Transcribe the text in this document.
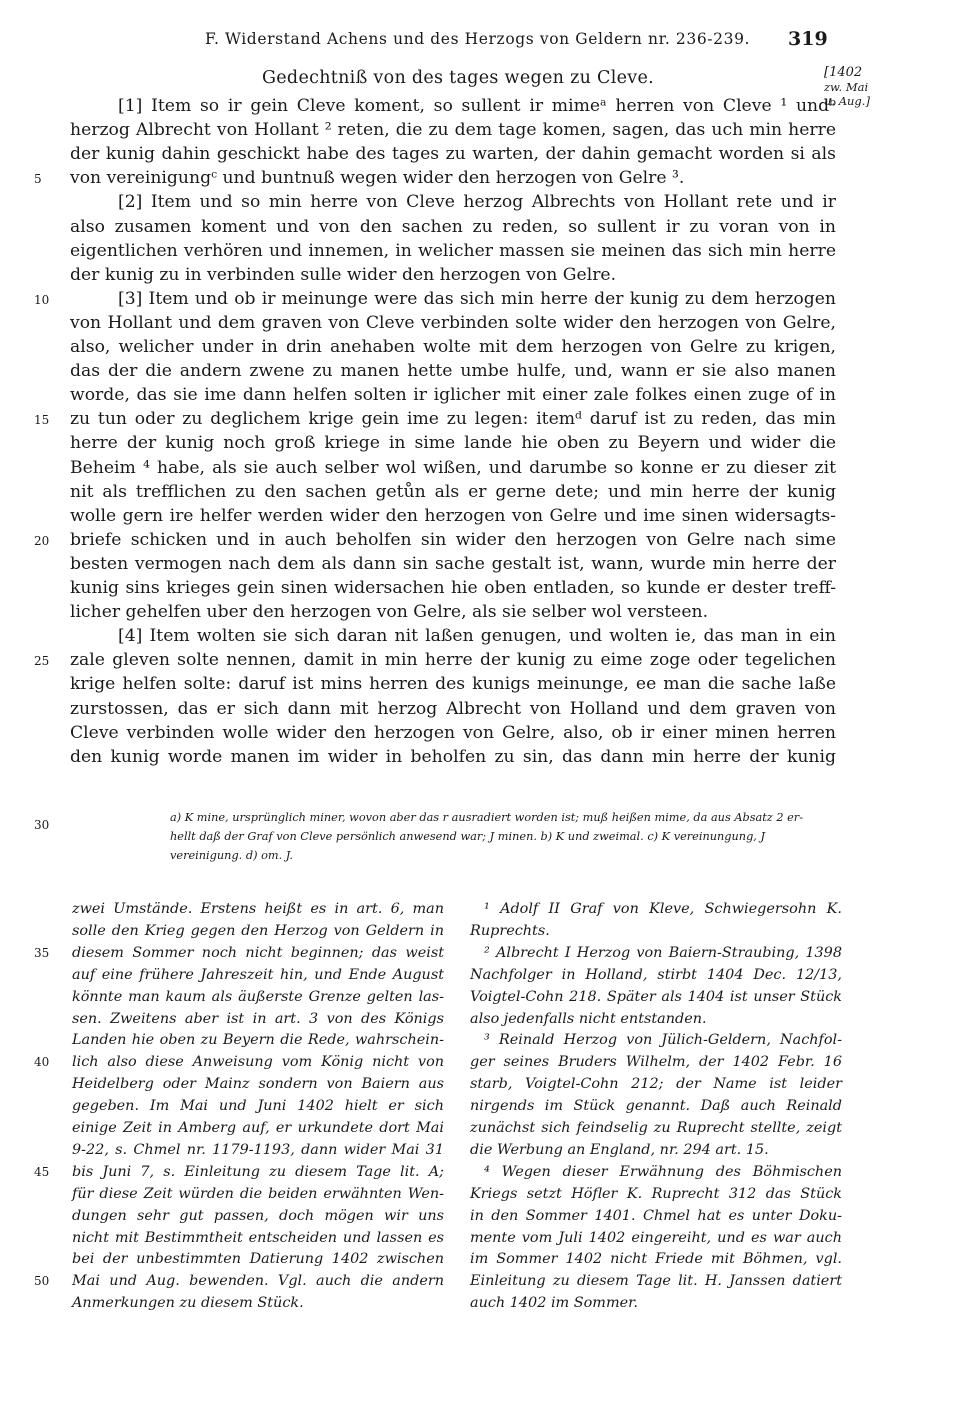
F. Widerstand Achens und des Herzogs von Geldern nr. 236-239. 319
Gedechtniß von des tages wegen zu Cleve.	[1402
zw. Mai
u. Aug.]
[1] Item so ir gein Cleve koment, so sullent ir mimeᵃ herren von Cleve ¹ undᵇ
herzog Albrecht von Hollant ² reten, die zu dem tage komen, sagen, das uch min herre
der kunig dahin geschickt habe des tages zu warten, der dahin gemacht worden si als
von vereinigungᶜ und buntnuß wegen wider den herzogen von Gelre ³.
[2] Item und so min herre von Cleve herzog Albrechts von Hollant rete und ir
also zusamen koment und von den sachen zu reden, so sullent ir zu voran von in
eigentlichen verhören und innemen, in welicher massen sie meinen das sich min herre
der kunig zu in verbinden sulle wider den herzogen von Gelre.
[3] Item und ob ir meinunge were das sich min herre der kunig zu dem herzogen
von Hollant und dem graven von Cleve verbinden solte wider den herzogen von Gelre,
also, welicher under in drin anehaben wolte mit dem herzogen von Gelre zu krigen,
das der die andern zwene zu manen hette umbe hulfe, und, wann er sie also manen
worde, das sie ime dann helfen solten ir iglicher mit einer zale folkes einen zuge of in
zu tun oder zu deglichem krige gein ime zu legen: itemᵈ daruf ist zu reden, das min
herre der kunig noch groß kriege in sime lande hie oben zu Beyern und wider die
Beheim ⁴ habe, als sie auch selber wol wißen, und darumbe so konne er zu dieser zit
nit als trefflichen zu den sachen getůn als er gerne dete; und min herre der kunig
wolle gern ire helfer werden wider den herzogen von Gelre und ime sinen widersagts-
briefe schicken und in auch beholfen sin wider den herzogen von Gelre nach sime
besten vermogen nach dem als dann sin sache gestalt ist, wann, wurde min herre der
kunig sins krieges gein sinen widersachen hie oben entladen, so kunde er dester treff-
licher gehelfen uber den herzogen von Gelre, als sie selber wol versteen.
[4] Item wolten sie sich daran nit laßen genugen, und wolten ie, das man in ein
zale gleven solte nennen, damit in min herre der kunig zu eime zoge oder tegelichen
krige helfen solte: daruf ist mins herren des kunigs meinunge, ee man die sache laße
zurstossen, das er sich dann mit herzog Albrecht von Holland und dem graven von
Cleve verbinden wolle wider den herzogen von Gelre, also, ob ir einer minen herren
den kunig worde manen im wider in beholfen zu sin, das dann min herre der kunig
5
10
15
20
25
30
a) K mine, ursprünglich miner, wovon aber das r ausradiert worden ist; muß heißen mime, da aus Absatz 2 er-
hellt daß der Graf von Cleve persönlich anwesend war; J minen. b) K und zweimal. c) K vereinungung, J
vereinigung. d) om. J.
zwei Umstände. Erstens heißt es in art. 6, man
solle den Krieg gegen den Herzog von Geldern in
diesem Sommer noch nicht beginnen; das weist
auf eine frühere Jahreszeit hin, und Ende August
könnte man kaum als äußerste Grenze gelten las-
sen. Zweitens aber ist in art. 3 von des Königs
Landen hie oben zu Beyern die Rede, wahrschein-
lich also diese Anweisung vom König nicht von
Heidelberg oder Mainz sondern von Baiern aus
gegeben. Im Mai und Juni 1402 hielt er sich
einige Zeit in Amberg auf, er urkundete dort Mai
9-22, s. Chmel nr. 1179-1193, dann wider Mai 31
bis Juni 7, s. Einleitung zu diesem Tage lit. A;
für diese Zeit würden die beiden erwähnten Wen-
dungen sehr gut passen, doch mögen wir uns
nicht mit Bestimmtheit entscheiden und lassen es
bei der unbestimmten Datierung 1402 zwischen
Mai und Aug. bewenden. Vgl. auch die andern
Anmerkungen zu diesem Stück.
35
40
45
50
¹ Adolf II Graf von Kleve, Schwiegersohn K.
Ruprechts.
² Albrecht I Herzog von Baiern-Straubing, 1398
Nachfolger in Holland, stirbt 1404 Dec. 12/13,
Voigtel-Cohn 218. Später als 1404 ist unser Stück
also jedenfalls nicht entstanden.
³ Reinald Herzog von Jülich-Geldern, Nachfol-
ger seines Bruders Wilhelm, der 1402 Febr. 16
starb, Voigtel-Cohn 212; der Name ist leider
nirgends im Stück genannt. Daß auch Reinald
zunächst sich feindselig zu Ruprecht stellte, zeigt
die Werbung an England, nr. 294 art. 15.
⁴ Wegen dieser Erwähnung des Böhmischen
Kriegs setzt Höfler K. Ruprecht 312 das Stück
in den Sommer 1401. Chmel hat es unter Doku-
mente vom Juli 1402 eingereiht, und es war auch
im Sommer 1402 nicht Friede mit Böhmen, vgl.
Einleitung zu diesem Tage lit. H. Janssen datiert
auch 1402 im Sommer.
